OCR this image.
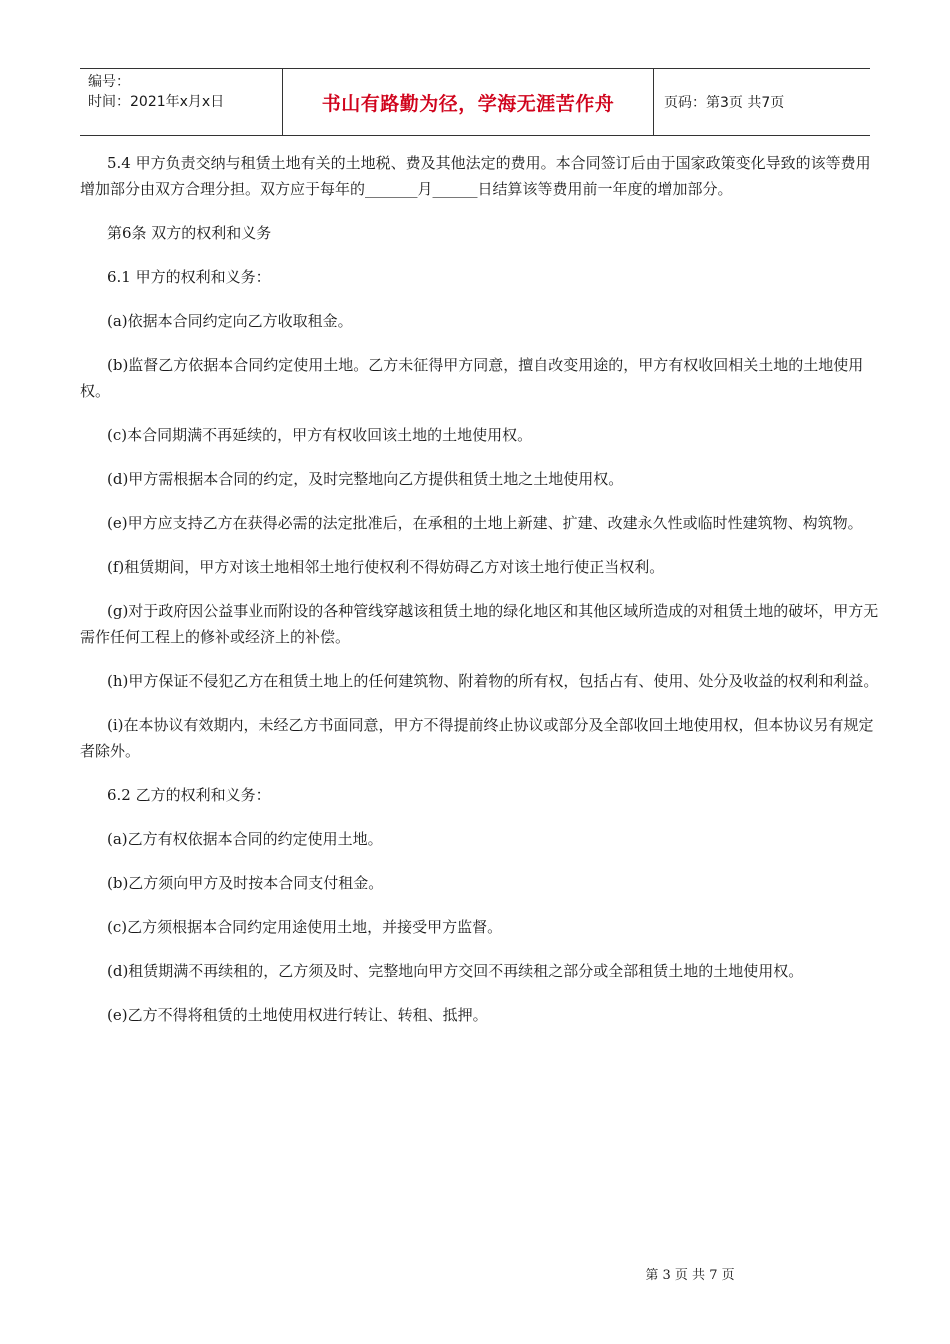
编号：
时间：2021年x月x日	书山有路勤为径，学海无涯苦作舟	页码：第3页 共7页

5.4 甲方负责交纳与租赁土地有关的土地税、费及其他法定的费用。本合同签订后由于国家政策变化导致的该等费用增加部分由双方合理分担。双方应于每年的_______月______日结算该等费用前一年度的增加部分。

第6条 双方的权利和义务

6.1 甲方的权利和义务：

(a)依据本合同约定向乙方收取租金。

(b)监督乙方依据本合同约定使用土地。乙方未征得甲方同意，擅自改变用途的，甲方有权收回相关土地的土地使用权。

(c)本合同期满不再延续的，甲方有权收回该土地的土地使用权。

(d)甲方需根据本合同的约定，及时完整地向乙方提供租赁土地之土地使用权。

(e)甲方应支持乙方在获得必需的法定批准后，在承租的土地上新建、扩建、改建永久性或临时性建筑物、构筑物。

(f)租赁期间，甲方对该土地相邻土地行使权利不得妨碍乙方对该土地行使正当权利。

(g)对于政府因公益事业而附设的各种管线穿越该租赁土地的绿化地区和其他区域所造成的对租赁土地的破坏，甲方无需作任何工程上的修补或经济上的补偿。

(h)甲方保证不侵犯乙方在租赁土地上的任何建筑物、附着物的所有权，包括占有、使用、处分及收益的权利和利益。

(i)在本协议有效期内，未经乙方书面同意，甲方不得提前终止协议或部分及全部收回土地使用权，但本协议另有规定者除外。

6.2 乙方的权利和义务：

(a)乙方有权依据本合同的约定使用土地。

(b)乙方须向甲方及时按本合同支付租金。

(c)乙方须根据本合同约定用途使用土地，并接受甲方监督。

(d)租赁期满不再续租的，乙方须及时、完整地向甲方交回不再续租之部分或全部租赁土地的土地使用权。

(e)乙方不得将租赁的土地使用权进行转让、转租、抵押。

第 3 页 共 7 页
